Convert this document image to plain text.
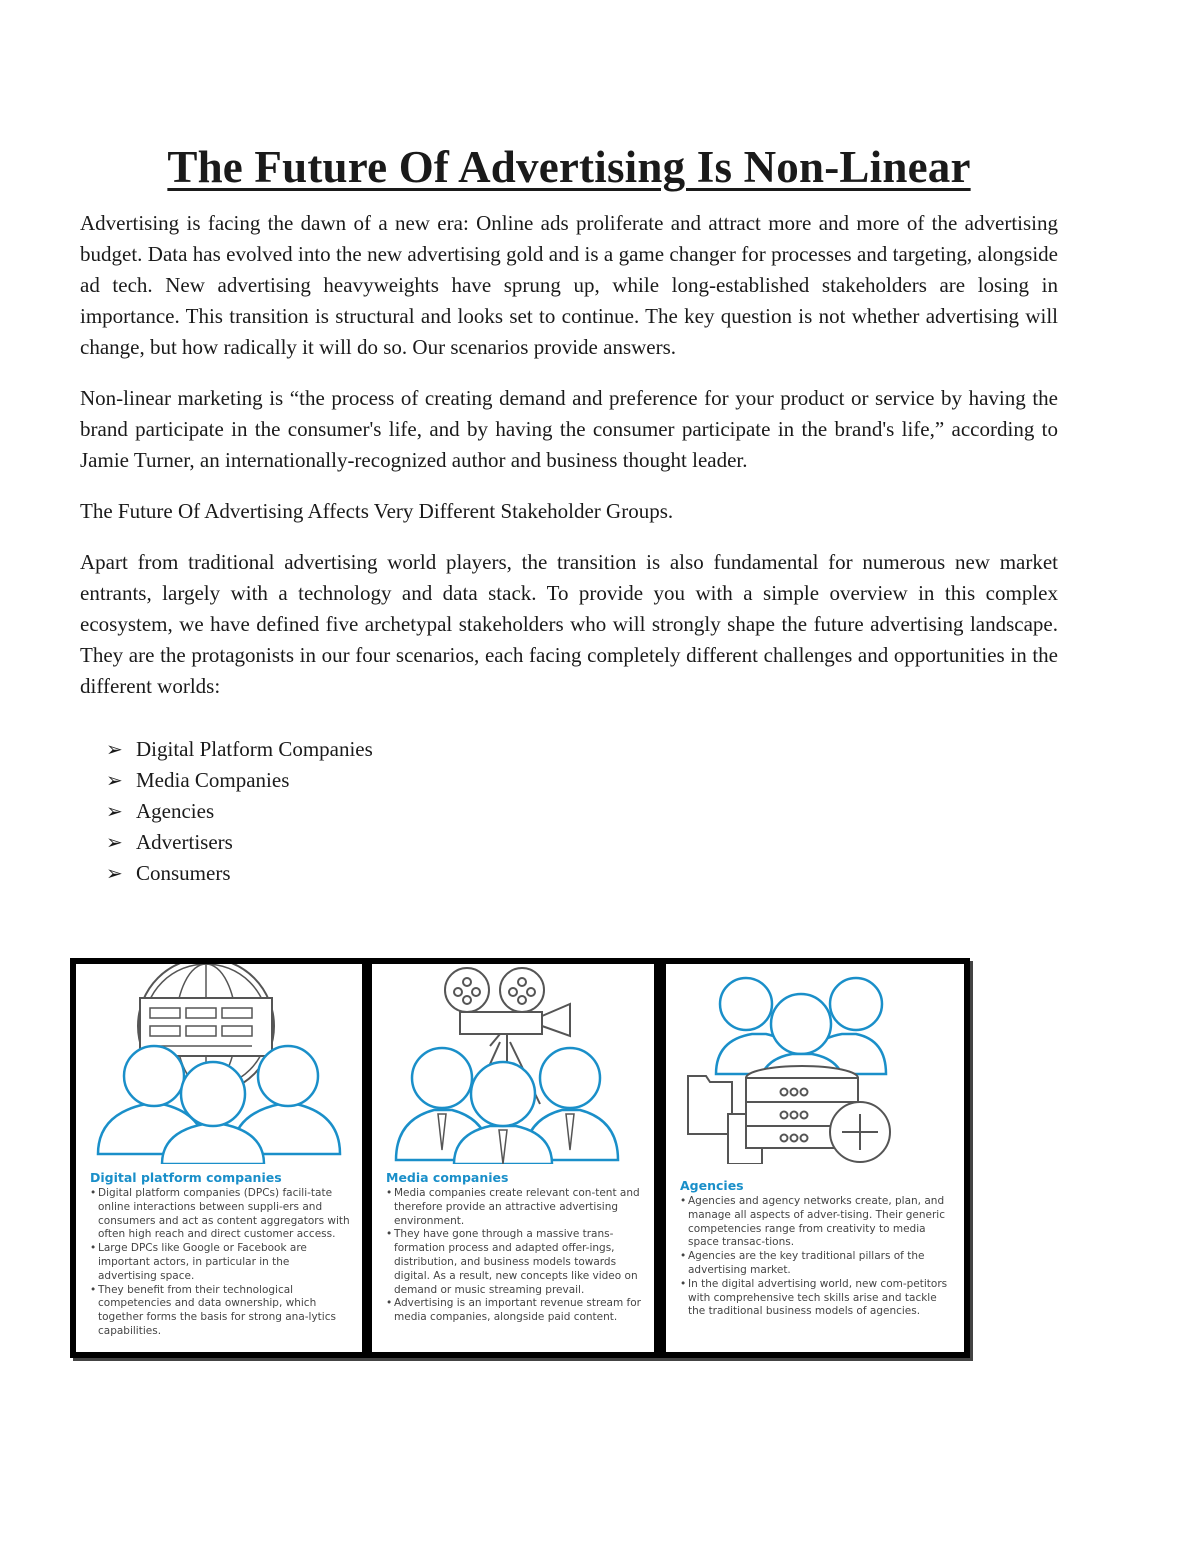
The Future Of Advertising Is Non-Linear

Advertising is facing the dawn of a new era: Online ads proliferate and attract more and more of the advertising budget. Data has evolved into the new advertising gold and is a game changer for processes and targeting, alongside ad tech. New advertising heavyweights have sprung up, while long-established stakeholders are losing in importance. This transition is structural and looks set to continue. The key question is not whether advertising will change, but how radically it will do so. Our scenarios provide answers.

Non-linear marketing is “the process of creating demand and preference for your product or service by having the brand participate in the consumer's life, and by having the consumer participate in the brand's life,” according to Jamie Turner, an internationally-recognized author and business thought leader.

The Future Of Advertising Affects Very Different Stakeholder Groups.

Apart from traditional advertising world players, the transition is also fundamental for numerous new market entrants, largely with a technology and data stack. To provide you with a simple overview in this complex ecosystem, we have defined five archetypal stakeholders who will strongly shape the future advertising landscape. They are the protagonists in our four scenarios, each facing completely different challenges and opportunities in the different worlds:

➢ Digital Platform Companies
➢ Media Companies
➢ Agencies
➢ Advertisers
➢ Consumers
Digital platform companies
• Digital platform companies (DPCs) facili-tate online interactions between suppli-ers and consumers and act as content aggregators with often high reach and direct customer access.
• Large DPCs like Google or Facebook are important actors, in particular in the advertising space.
• They benefit from their technological competencies and data ownership, which together forms the basis for strong ana-lytics capabilities.
Media companies
• Media companies create relevant con-tent and therefore provide an attractive advertising environment.
• They have gone through a massive trans-formation process and adapted offer-ings, distribution, and business models towards digital. As a result, new concepts like video on demand or music streaming prevail.
• Advertising is an important revenue stream for media companies, alongside paid content.
Agencies
• Agencies and agency networks create, plan, and manage all aspects of adver-tising. Their generic competencies range from creativity to media space transac-tions.
• Agencies are the key traditional pillars of the advertising market.
• In the digital advertising world, new com-petitors with comprehensive tech skills arise and tackle the traditional business models of agencies.
